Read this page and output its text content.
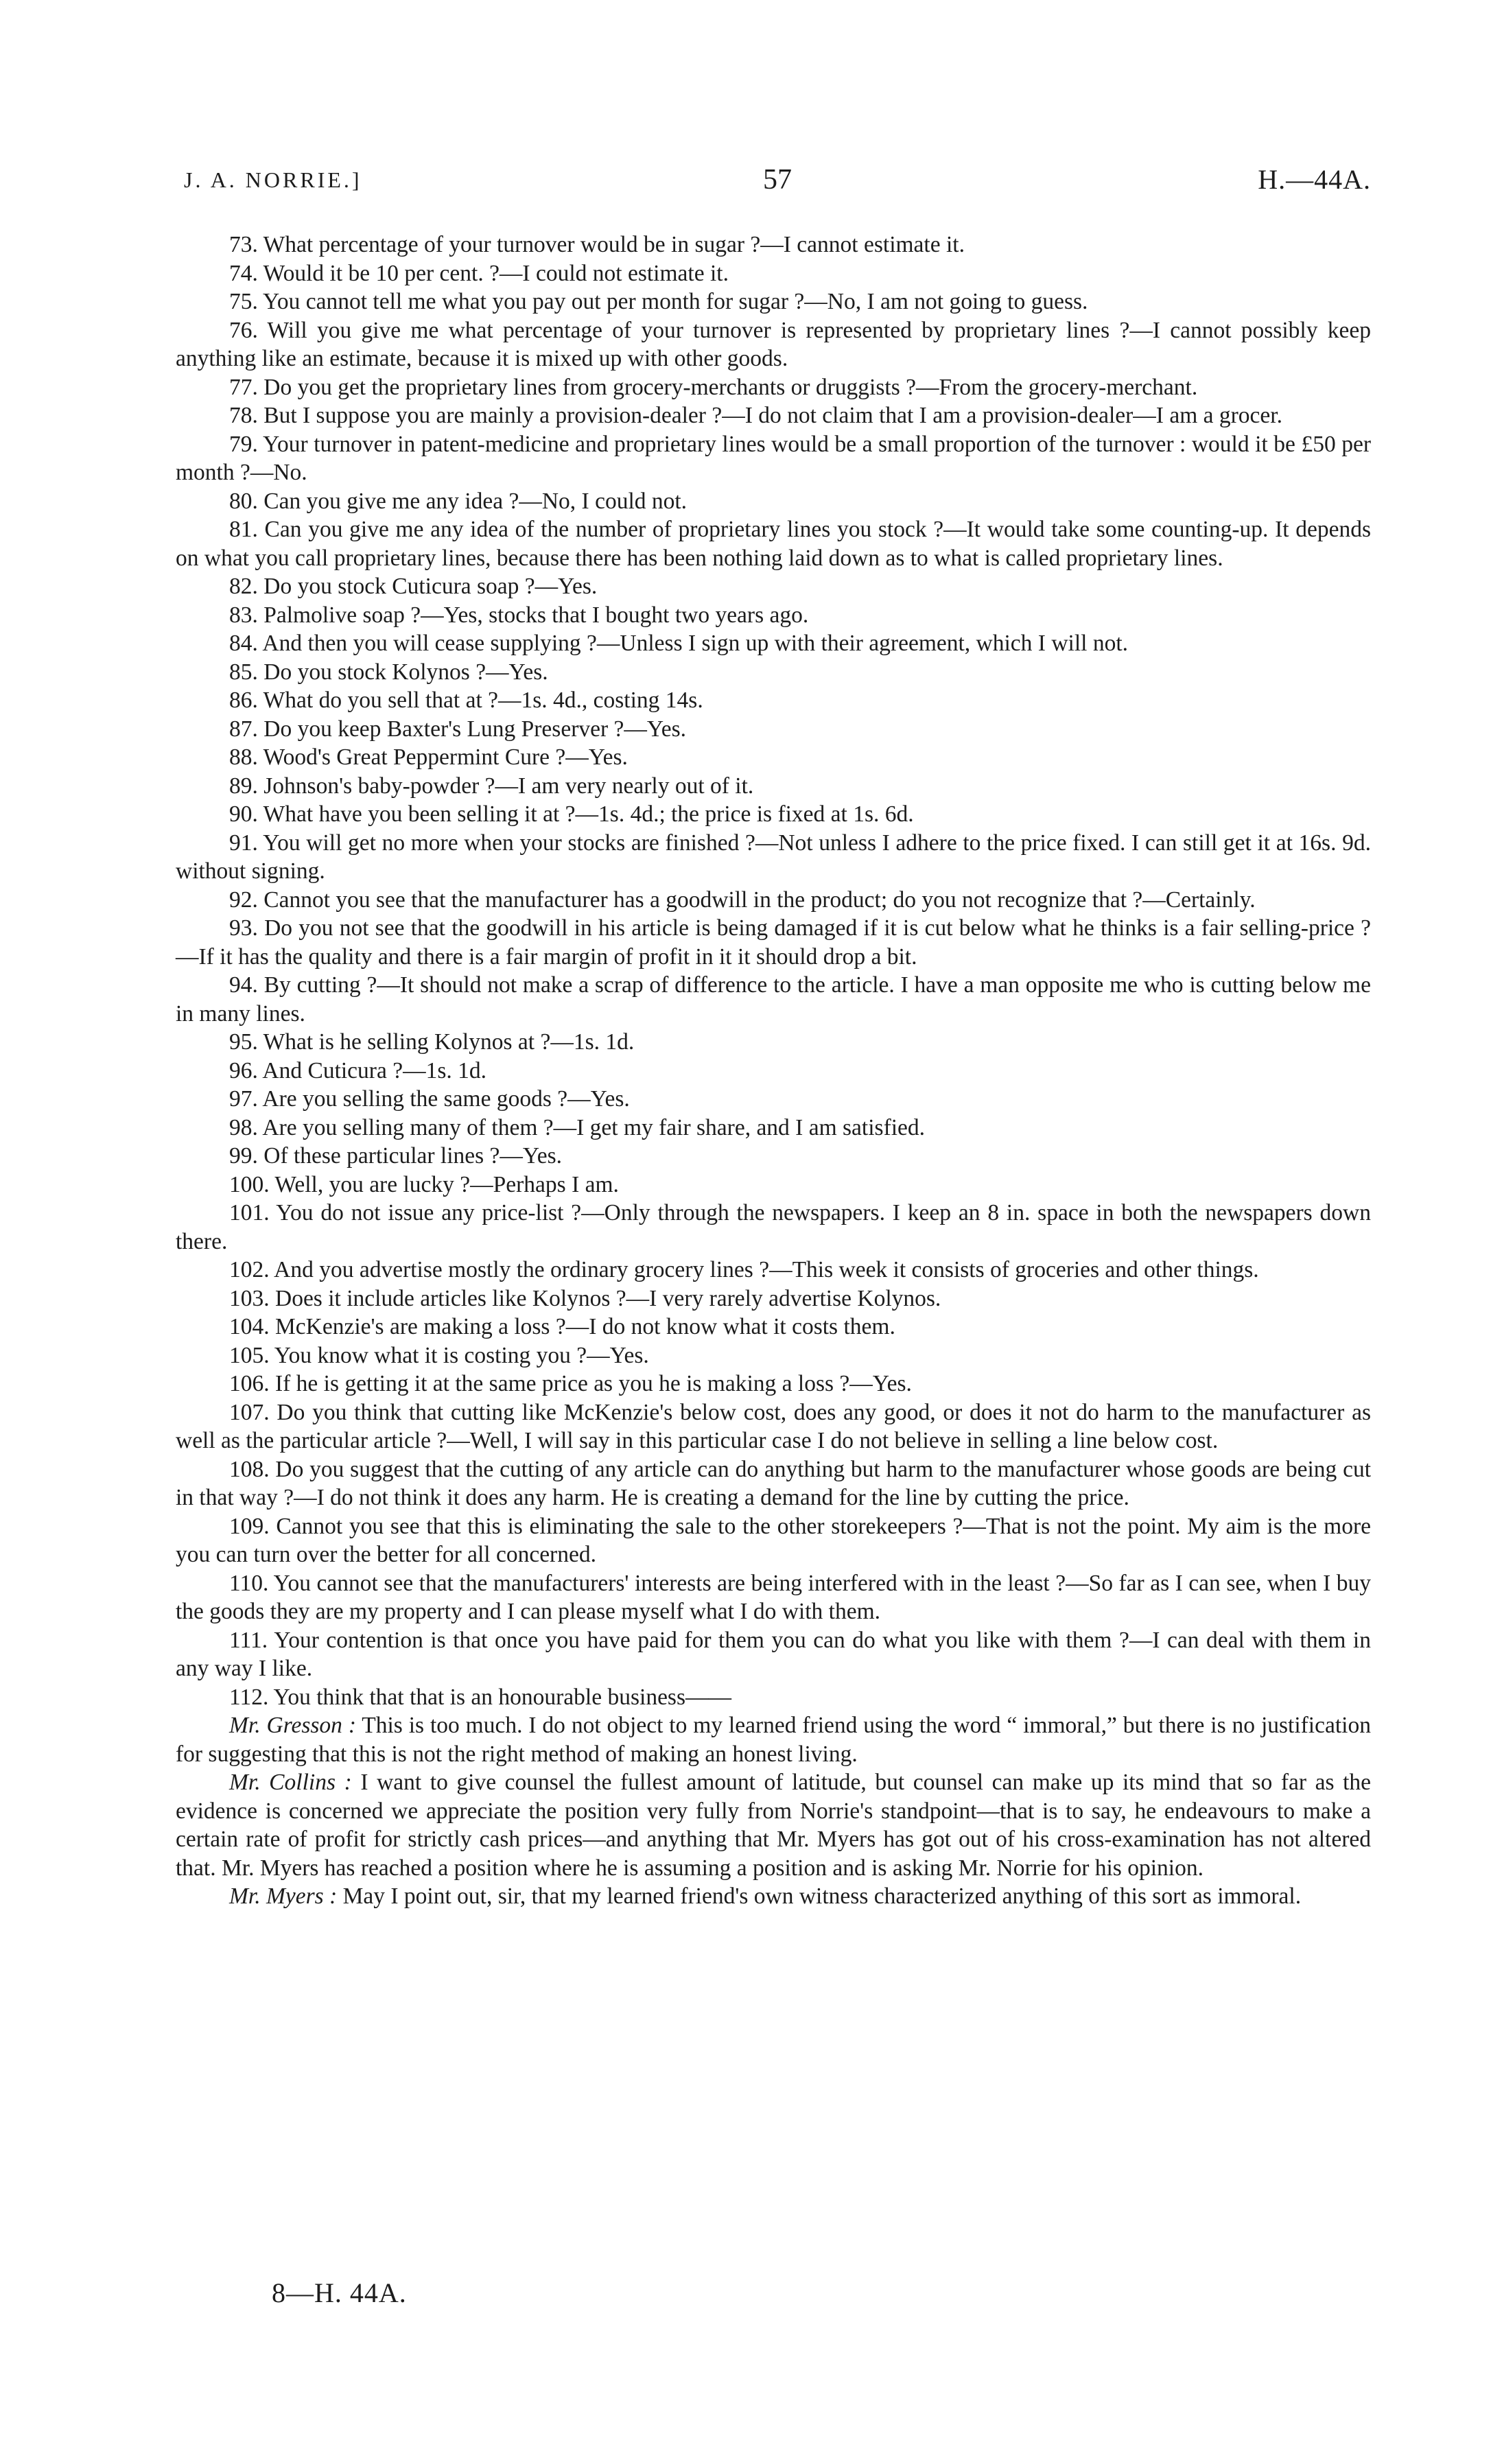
J. A. NORRIE.]	57	H.—44A.

73. What percentage of your turnover would be in sugar ?—I cannot estimate it.

74. Would it be 10 per cent. ?—I could not estimate it.

75. You cannot tell me what you pay out per month for sugar ?—No, I am not going to guess.

76. Will you give me what percentage of your turnover is represented by proprietary lines ?—I cannot possibly keep anything like an estimate, because it is mixed up with other goods.

77. Do you get the proprietary lines from grocery-merchants or druggists ?—From the grocery-merchant.

78. But I suppose you are mainly a provision-dealer ?—I do not claim that I am a provision-dealer—I am a grocer.

79. Your turnover in patent-medicine and proprietary lines would be a small proportion of the turnover : would it be £50 per month ?—No.

80. Can you give me any idea ?—No, I could not.

81. Can you give me any idea of the number of proprietary lines you stock ?—It would take some counting-up. It depends on what you call proprietary lines, because there has been nothing laid down as to what is called proprietary lines.

82. Do you stock Cuticura soap ?—Yes.

83. Palmolive soap ?—Yes, stocks that I bought two years ago.

84. And then you will cease supplying ?—Unless I sign up with their agreement, which I will not.

85. Do you stock Kolynos ?—Yes.

86. What do you sell that at ?—1s. 4d., costing 14s.

87. Do you keep Baxter's Lung Preserver ?—Yes.

88. Wood's Great Peppermint Cure ?—Yes.

89. Johnson's baby-powder ?—I am very nearly out of it.

90. What have you been selling it at ?—1s. 4d.; the price is fixed at 1s. 6d.

91. You will get no more when your stocks are finished ?—Not unless I adhere to the price fixed. I can still get it at 16s. 9d. without signing.

92. Cannot you see that the manufacturer has a goodwill in the product; do you not recognize that ?—Certainly.

93. Do you not see that the goodwill in his article is being damaged if it is cut below what he thinks is a fair selling-price ?—If it has the quality and there is a fair margin of profit in it it should drop a bit.

94. By cutting ?—It should not make a scrap of difference to the article. I have a man opposite me who is cutting below me in many lines.

95. What is he selling Kolynos at ?—1s. 1d.

96. And Cuticura ?—1s. 1d.

97. Are you selling the same goods ?—Yes.

98. Are you selling many of them ?—I get my fair share, and I am satisfied.

99. Of these particular lines ?—Yes.

100. Well, you are lucky ?—Perhaps I am.

101. You do not issue any price-list ?—Only through the newspapers. I keep an 8 in. space in both the newspapers down there.

102. And you advertise mostly the ordinary grocery lines ?—This week it consists of groceries and other things.

103. Does it include articles like Kolynos ?—I very rarely advertise Kolynos.

104. McKenzie's are making a loss ?—I do not know what it costs them.

105. You know what it is costing you ?—Yes.

106. If he is getting it at the same price as you he is making a loss ?—Yes.

107. Do you think that cutting like McKenzie's below cost, does any good, or does it not do harm to the manufacturer as well as the particular article ?—Well, I will say in this particular case I do not believe in selling a line below cost.

108. Do you suggest that the cutting of any article can do anything but harm to the manufacturer whose goods are being cut in that way ?—I do not think it does any harm. He is creating a demand for the line by cutting the price.

109. Cannot you see that this is eliminating the sale to the other storekeepers ?—That is not the point. My aim is the more you can turn over the better for all concerned.

110. You cannot see that the manufacturers' interests are being interfered with in the least ?—So far as I can see, when I buy the goods they are my property and I can please myself what I do with them.

111. Your contention is that once you have paid for them you can do what you like with them ?—I can deal with them in any way I like.

112. You think that that is an honourable business——

Mr. Gresson : This is too much. I do not object to my learned friend using the word “ immoral,” but there is no justification for suggesting that this is not the right method of making an honest living.

Mr. Collins : I want to give counsel the fullest amount of latitude, but counsel can make up its mind that so far as the evidence is concerned we appreciate the position very fully from Norrie's standpoint—that is to say, he endeavours to make a certain rate of profit for strictly cash prices—and anything that Mr. Myers has got out of his cross-examination has not altered that. Mr. Myers has reached a position where he is assuming a position and is asking Mr. Norrie for his opinion.

Mr. Myers : May I point out, sir, that my learned friend's own witness characterized anything of this sort as immoral.

8—H. 44A.
